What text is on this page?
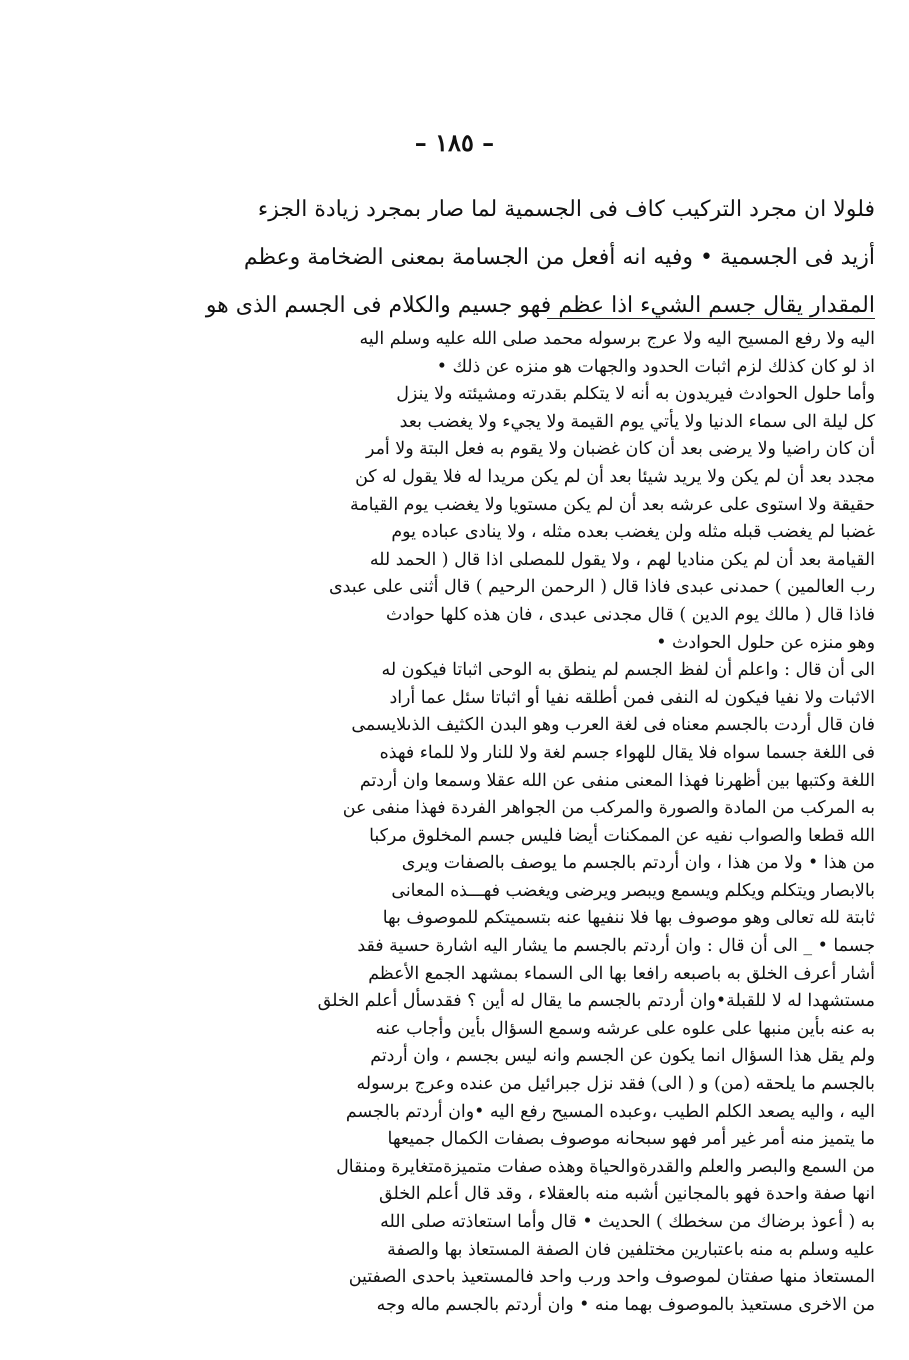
– ١٨٥ –

فلولا ان مجرد التركيب كاف فى الجسمية لما صار بمجرد زيادة الجزء

أزيد فى الجسمية • وفيه انه أفعل من الجسامة بمعنى الضخامة وعظم

المقدار يقال جسم الشيء اذا عظم فهو جسيم والكلام فى الجسم الذى هو

اليه ولا رفع المسيح اليه ولا عرج برسوله محمد صلى الله عليه وسلم اليه

اذ لو كان كذلك لزم اثبات الحدود والجهات هو منزه عن ذلك •

وأما حلول الحوادث فيريدون به أنه لا يتكلم بقدرته ومشيئته ولا ينزل

كل ليلة الى سماء الدنيا ولا يأتي يوم القيمة ولا يجيء ولا يغضب بعد

أن كان راضيا ولا يرضى بعد أن كان غضبان ولا يقوم به فعل البتة ولا أمر

مجدد بعد أن لم يكن ولا يريد شيئا بعد أن لم يكن مريدا له فلا يقول له كن

حقيقة ولا استوى على عرشه بعد أن لم يكن مستويا ولا يغضب يوم القيامة

غضبا لم يغضب قبله مثله ولن يغضب بعده مثله ، ولا ينادى عباده يوم

القيامة بعد أن لم يكن مناديا لهم ، ولا يقول للمصلى اذا قال ( الحمد لله

رب العالمين ) حمدنى عبدى فاذا قال ( الرحمن الرحيم ) قال أثنى على عبدى

فاذا قال ( مالك يوم الدين ) قال مجدنى عبدى ، فان هذه كلها حوادث

وهو منزه عن حلول الحوادث •

الى أن قال : واعلم أن لفظ الجسم لم ينطق به الوحى اثباتا فيكون له

الاثبات ولا نفيا فيكون له النفى فمن أطلقه نفيا أو اثباتا سئل عما أراد

فان قال أردت بالجسم معناه فى لغة العرب وهو البدن الكثيف الذىلايسمى

فى اللغة جسما سواه فلا يقال للهواء جسم لغة ولا للنار ولا للماء فهذه

اللغة وكتبها بين أظهرنا فهذا المعنى منفى عن الله عقلا وسمعا وان أردتم

به المركب من المادة والصورة والمركب من الجواهر الفردة فهذا منفى عن

الله قطعا والصواب نفيه عن الممكنات أيضا فليس جسم المخلوق مركبا

من هذا • ولا من هذا ، وان أردتم بالجسم ما يوصف بالصفات ويرى

بالابصار ويتكلم ويكلم ويسمع ويبصر ويرضى ويغضب فهـــذه المعانى

ثابتة لله تعالى وهو موصوف بها فلا ننفيها عنه بتسميتكم للموصوف بها

جسما • _ الى أن قال : وان أردتم بالجسم ما يشار اليه اشارة حسية فقد

أشار أعرف الخلق به باصبعه رافعا بها الى السماء بمشهد الجمع الأعظم

مستشهدا له لا للقبلة•وان أردتم بالجسم ما يقال له أين ؟ فقدسأل أعلم الخلق

به عنه بأين منبها على علوه على عرشه وسمع السؤال بأين وأجاب عنه

ولم يقل هذا السؤال انما يكون عن الجسم وانه ليس بجسم ، وان أردتم

بالجسم ما يلحقه (من) و ( الى) فقد نزل جبرائيل من عنده وعرج برسوله

اليه ، واليه يصعد الكلم الطيب ،وعبده المسيح رفع اليه •وان أردتم بالجسم

ما يتميز منه أمر غير أمر فهو سبحانه موصوف بصفات الكمال جميعها

من السمع والبصر والعلم والقدرةوالحياة وهذه صفات متميزةمتغايرة ومنقال

انها صفة واحدة فهو بالمجانين أشبه منه بالعقلاء ، وقد قال أعلم الخلق

به ( أعوذ برضاك من سخطك ) الحديث • قال وأما استعاذته صلى الله

عليه وسلم به منه باعتبارين مختلفين فان الصفة المستعاذ بها والصفة

المستعاذ منها صفتان لموصوف واحد ورب واحد فالمستعيذ باحدى الصفتين

من الاخرى مستعيذ بالموصوف بهما منه • وان أردتم بالجسم ماله وجه
